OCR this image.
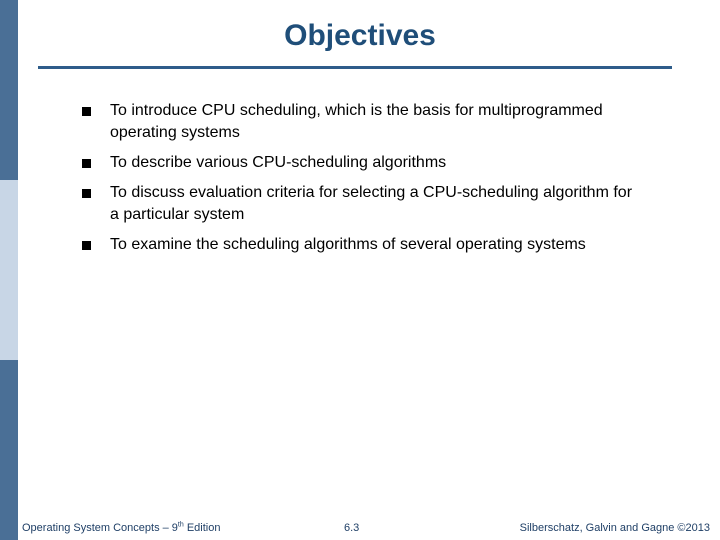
Objectives
To introduce CPU scheduling, which is the basis for multiprogrammed operating systems
To describe various CPU-scheduling algorithms
To discuss evaluation criteria for selecting a CPU-scheduling algorithm for a particular system
To examine the scheduling algorithms of several operating systems
Operating System Concepts – 9th Edition	6.3	Silberschatz, Galvin and Gagne ©2013
